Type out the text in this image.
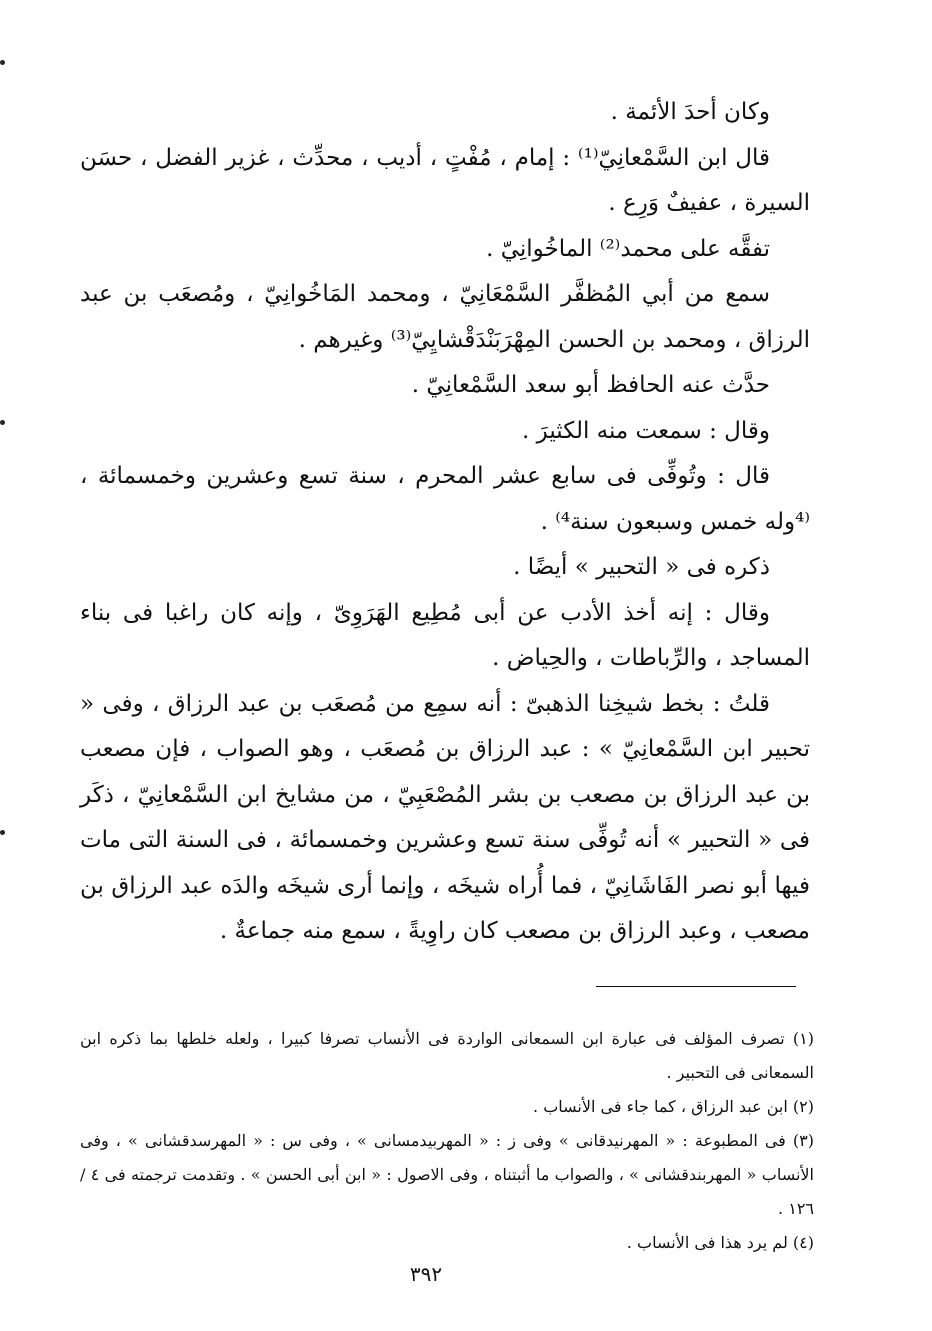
وكان أحدَ الأئمة .

قال ابن السَّمْعانِيّ⁽¹⁾ : إمام ، مُفْتٍ ، أديب ، محدِّث ، غزير الفضل ، حسَن السيرة ، عفيفٌ وَرِع .

تفقَّه على محمد⁽²⁾ الماخُوانِيّ .

سمع من أبي المُظفَّر السَّمْعَانِيّ ، ومحمد المَاخُوانِيّ ، ومُصعَب بن عبد الرزاق ، ومحمد بن الحسن المِهْرَبَنْدَقْشايِيّ⁽³⁾ وغيرهم .

حدَّث عنه الحافظ أبو سعد السَّمْعانِيّ .

وقال : سمعت منه الكثيرَ .

قال : وتُوفِّى فى سابع عشر المحرم ، سنة تسع وعشرين وخمسمائة ، ⁽⁴وله خمس وسبعون سنة⁴⁾ .

ذكره فى « التحبير » أيضًا .

وقال : إنه أخذ الأدب عن أبى مُطِيع الهَرَوِىّ ، وإنه كان راغبا فى بناء المساجد ، والرِّباطات ، والحِياض .

قلتُ : بخط شيخِنا الذهبىّ : أنه سمِع من مُصعَب بن عبد الرزاق ، وفى « تحبير ابن السَّمْعانِيّ » : عبد الرزاق بن مُصعَب ، وهو الصواب ، فإن مصعب بن عبد الرزاق بن مصعب بن بشر المُصْعَبِيّ ، من مشايخ ابن السَّمْعانِيّ ، ذكَر فى « التحبير » أنه تُوفِّى سنة تسع وعشرين وخمسمائة ، فى السنة التى مات فيها أبو نصر الفَاشَانِيّ ، فما أُراه شيخَه ، وإنما أرى شيخَه والدَه عبد الرزاق بن مصعب ، وعبد الرزاق بن مصعب كان راوِيةً ، سمع منه جماعةٌ .

(١) تصرف المؤلف فى عبارة ابن السمعانى الواردة فى الأنساب تصرفا كبيرا ، ولعله خلطها بما ذكره ابن السمعانى فى التحبير .

(٢) ابن عبد الرزاق ، كما جاء فى الأنساب .

(٣) فى المطبوعة : « المهرنيدقانى » وفى ز : « المهربيدمسانى » ، وفى س : « المهرسدقشانى » ، وفى الأنساب « المهربندقشانى » ، والصواب ما أثبتناه ، وفى الاصول : « ابن أبى الحسن » . وتقدمت ترجمته فى ٤ / ١٢٦ .

(٤) لم يرد هذا فى الأنساب .

٣٩٢
